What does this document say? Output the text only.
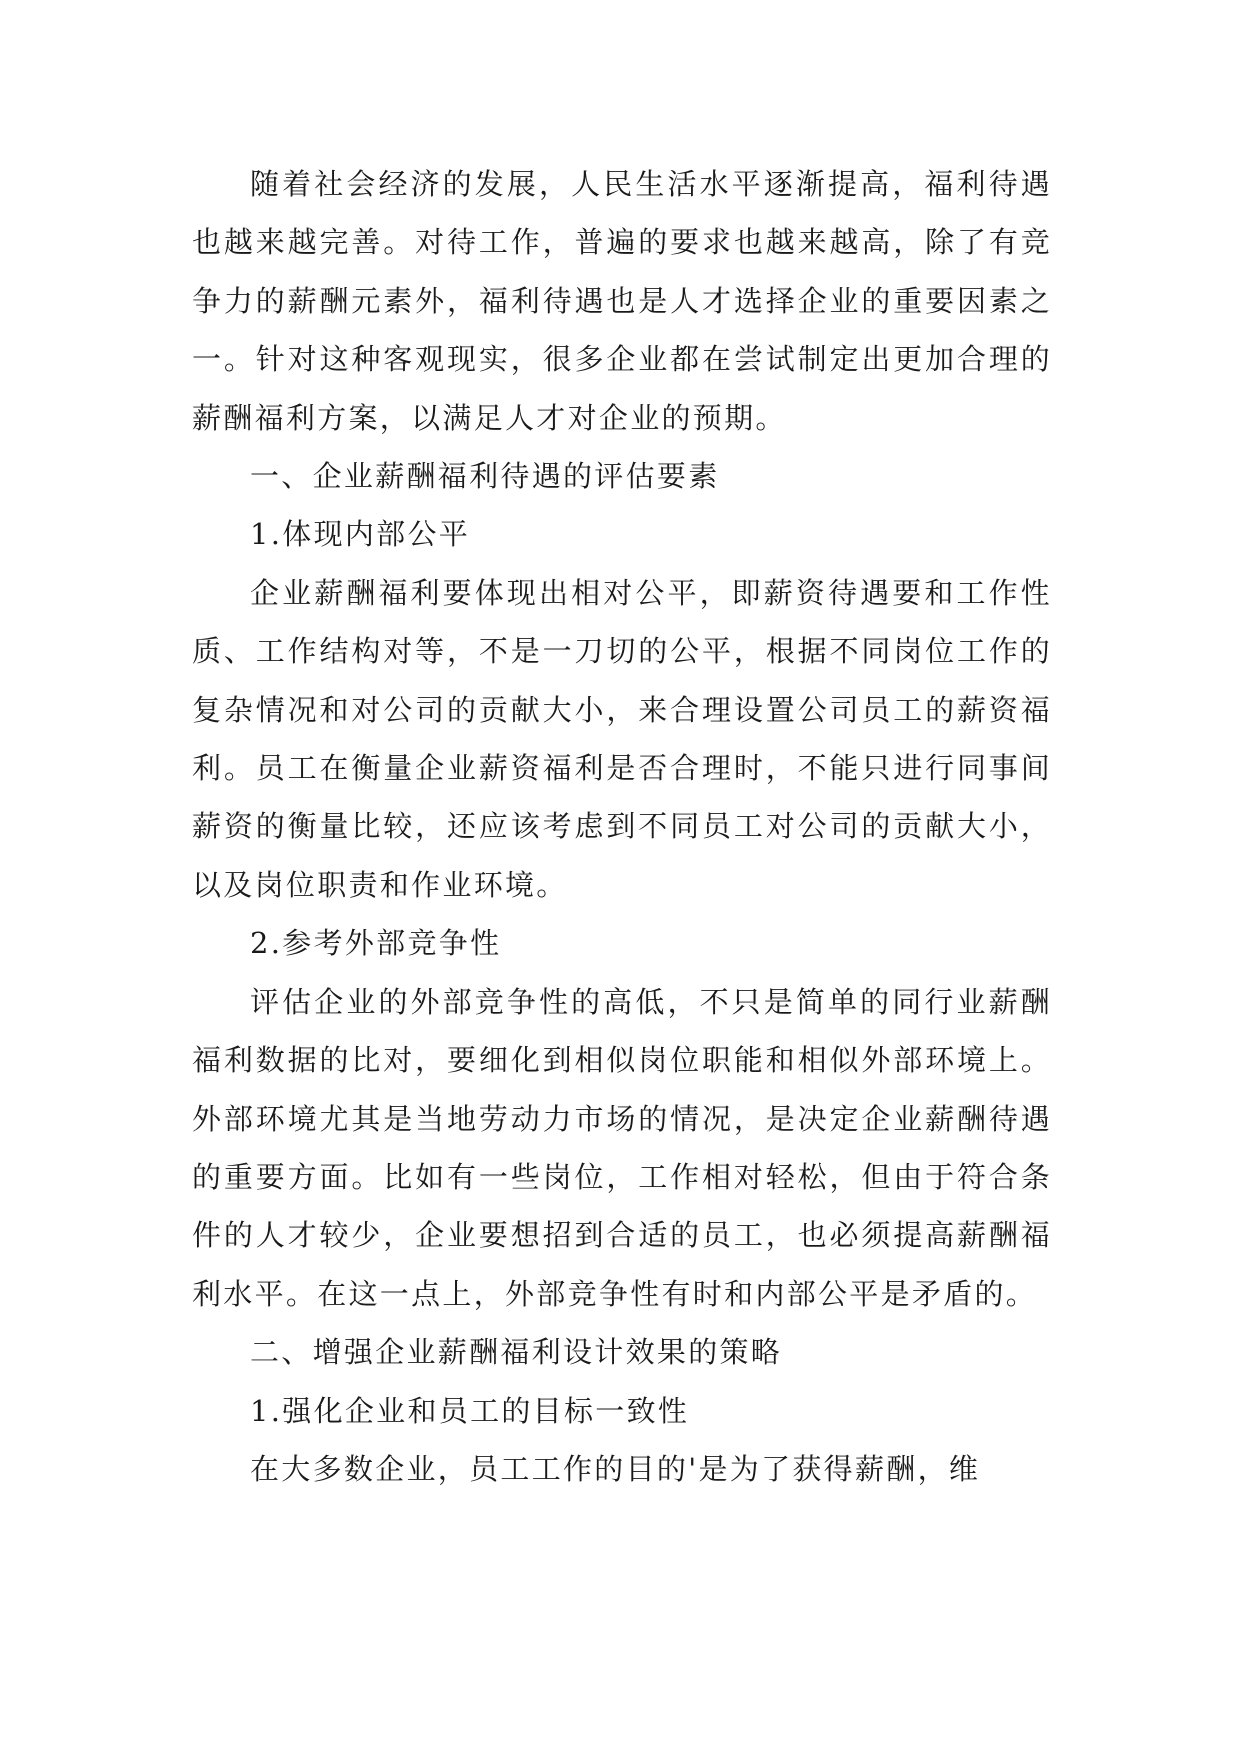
随着社会经济的发展，人民生活水平逐渐提高，福利待遇也越来越完善。对待工作，普遍的要求也越来越高，除了有竞争力的薪酬元素外，福利待遇也是人才选择企业的重要因素之一。针对这种客观现实，很多企业都在尝试制定出更加合理的薪酬福利方案，以满足人才对企业的预期。

一、企业薪酬福利待遇的评估要素

1.体现内部公平

企业薪酬福利要体现出相对公平，即薪资待遇要和工作性质、工作结构对等，不是一刀切的公平，根据不同岗位工作的复杂情况和对公司的贡献大小，来合理设置公司员工的薪资福利。员工在衡量企业薪资福利是否合理时，不能只进行同事间薪资的衡量比较，还应该考虑到不同员工对公司的贡献大小，以及岗位职责和作业环境。

2.参考外部竞争性

评估企业的外部竞争性的高低，不只是简单的同行业薪酬福利数据的比对，要细化到相似岗位职能和相似外部环境上。外部环境尤其是当地劳动力市场的情况，是决定企业薪酬待遇的重要方面。比如有一些岗位，工作相对轻松，但由于符合条件的人才较少，企业要想招到合适的员工，也必须提高薪酬福利水平。在这一点上，外部竞争性有时和内部公平是矛盾的。

二、增强企业薪酬福利设计效果的策略

1.强化企业和员工的目标一致性

在大多数企业，员工工作的目的'是为了获得薪酬，维
